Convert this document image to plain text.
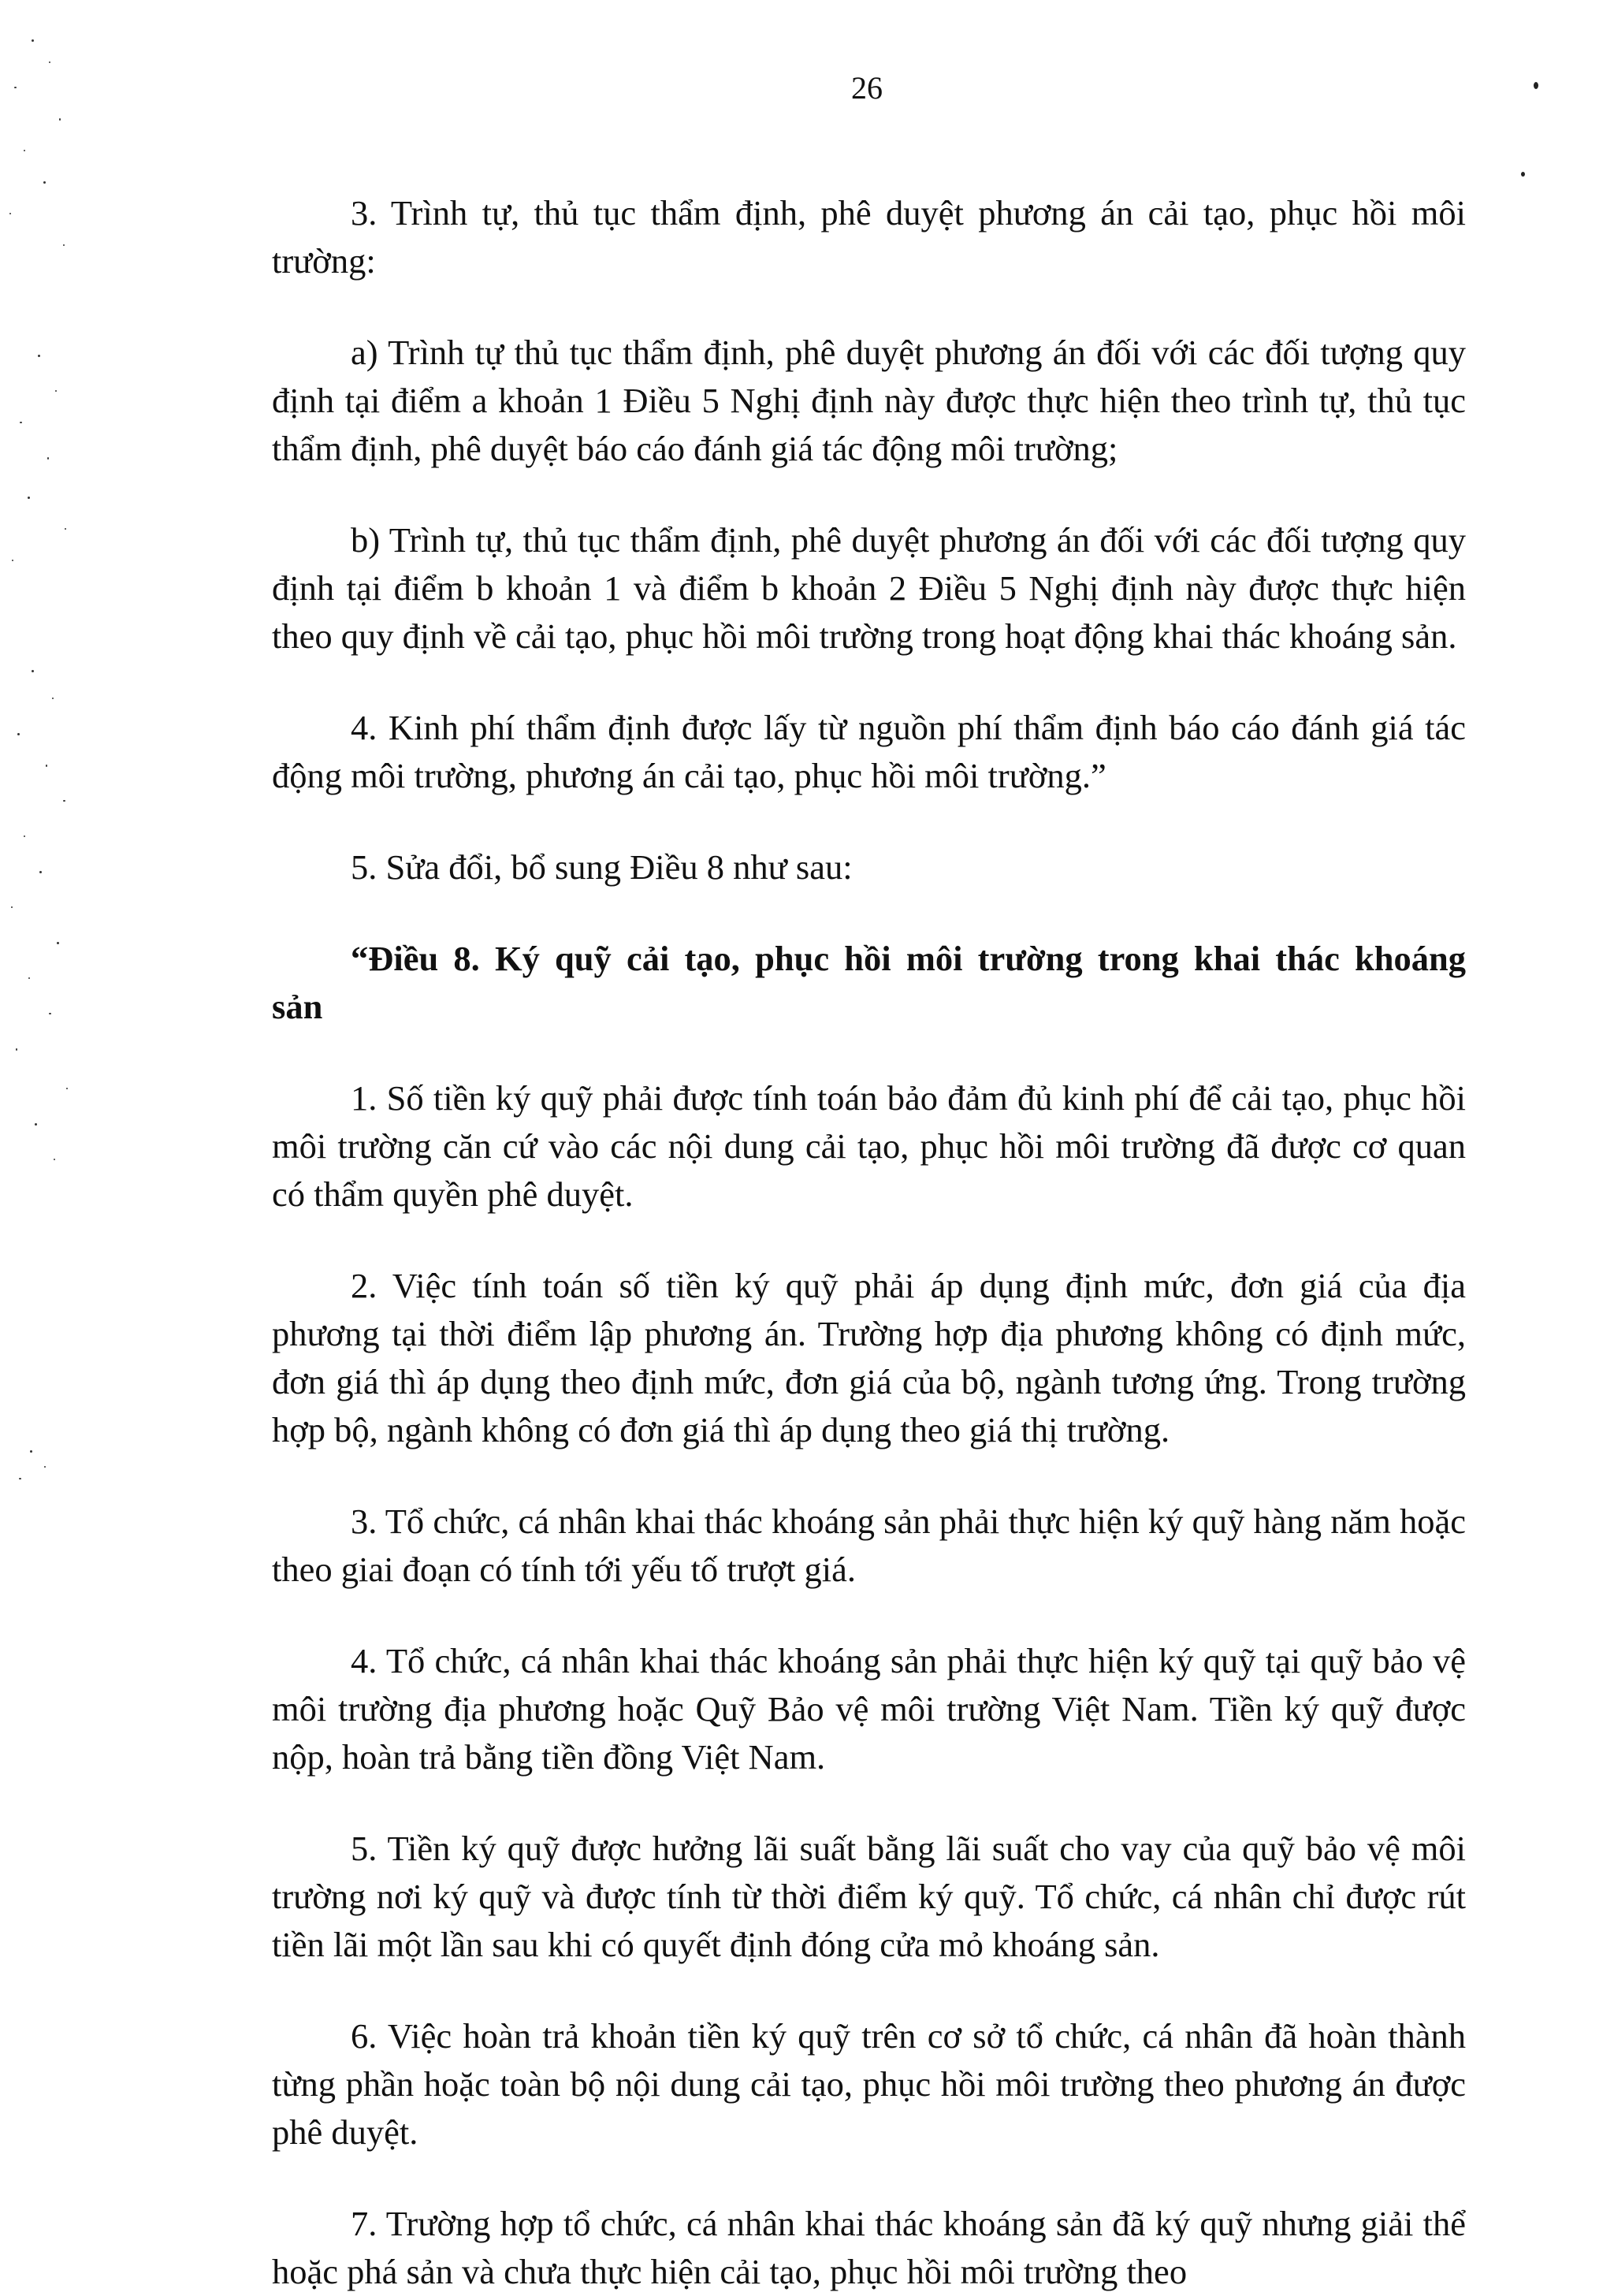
26

3. Trình tự, thủ tục thẩm định, phê duyệt phương án cải tạo, phục hồi môi trường:

a) Trình tự thủ tục thẩm định, phê duyệt phương án đối với các đối tượng quy định tại điểm a khoản 1 Điều 5 Nghị định này được thực hiện theo trình tự, thủ tục thẩm định, phê duyệt báo cáo đánh giá tác động môi trường;

b) Trình tự, thủ tục thẩm định, phê duyệt phương án đối với các đối tượng quy định tại điểm b khoản 1 và điểm b khoản 2 Điều 5 Nghị định này được thực hiện theo quy định về cải tạo, phục hồi môi trường trong hoạt động khai thác khoáng sản.

4. Kinh phí thẩm định được lấy từ nguồn phí thẩm định báo cáo đánh giá tác động môi trường, phương án cải tạo, phục hồi môi trường.”

5. Sửa đổi, bổ sung Điều 8 như sau:

“Điều 8. Ký quỹ cải tạo, phục hồi môi trường trong khai thác khoáng sản

1. Số tiền ký quỹ phải được tính toán bảo đảm đủ kinh phí để cải tạo, phục hồi môi trường căn cứ vào các nội dung cải tạo, phục hồi môi trường đã được cơ quan có thẩm quyền phê duyệt.

2. Việc tính toán số tiền ký quỹ phải áp dụng định mức, đơn giá của địa phương tại thời điểm lập phương án. Trường hợp địa phương không có định mức, đơn giá thì áp dụng theo định mức, đơn giá của bộ, ngành tương ứng. Trong trường hợp bộ, ngành không có đơn giá thì áp dụng theo giá thị trường.

3. Tổ chức, cá nhân khai thác khoáng sản phải thực hiện ký quỹ hàng năm hoặc theo giai đoạn có tính tới yếu tố trượt giá.

4. Tổ chức, cá nhân khai thác khoáng sản phải thực hiện ký quỹ tại quỹ bảo vệ môi trường địa phương hoặc Quỹ Bảo vệ môi trường Việt Nam. Tiền ký quỹ được nộp, hoàn trả bằng tiền đồng Việt Nam.

5. Tiền ký quỹ được hưởng lãi suất bằng lãi suất cho vay của quỹ bảo vệ môi trường nơi ký quỹ và được tính từ thời điểm ký quỹ. Tổ chức, cá nhân chỉ được rút tiền lãi một lần sau khi có quyết định đóng cửa mỏ khoáng sản.

6. Việc hoàn trả khoản tiền ký quỹ trên cơ sở tổ chức, cá nhân đã hoàn thành từng phần hoặc toàn bộ nội dung cải tạo, phục hồi môi trường theo phương án được phê duyệt.

7. Trường hợp tổ chức, cá nhân khai thác khoáng sản đã ký quỹ nhưng giải thể hoặc phá sản và chưa thực hiện cải tạo, phục hồi môi trường theo
